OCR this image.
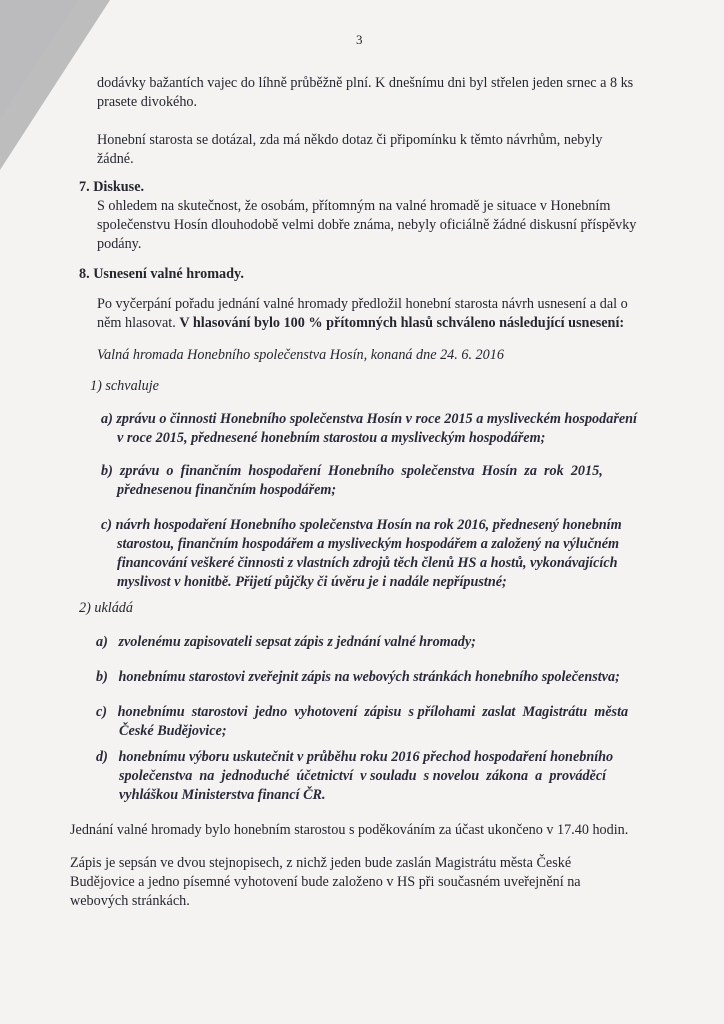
3
dodávky bažantích vajec do líhně průběžně plní. K dnešnímu dni byl střelen jeden srnec a 8 ks
prasete divokého.
Honební starosta se dotázal, zda má někdo dotaz či připomínku k těmto návrhům, nebyly
žádné.
7. Diskuse.
S ohledem na skutečnost, že osobám, přítomným na valné hromadě je situace v Honebním
společenstvu Hosín dlouhodobě velmi dobře známa, nebyly oficiálně žádné diskusní příspěvky
podány.
8. Usnesení valné hromady.
Po vyčerpání pořadu jednání valné hromady předložil honební starosta návrh usnesení a dal o
něm hlasovat. V hlasování bylo 100 % přítomných hlasů schváleno následující usnesení:
Valná hromada Honebního společenstva Hosín, konaná dne 24. 6. 2016
1) schvaluje
a) zprávu o činnosti Honebního společenstva Hosín v roce 2015 a mysliveckém hospodaření
v roce 2015, přednesené honebním starostou a mysliveckým hospodářem;
b)  zprávu  o  finančním  hospodaření  Honebního  společenstva  Hosín  za  rok  2015,
přednesenou finančním hospodářem;
c) návrh hospodaření Honebního společenstva Hosín na rok 2016, přednesený honebním
starostou, finančním hospodářem a mysliveckým hospodářem a založený na výlučném
financování veškeré činnosti z vlastních zdrojů těch členů HS a hostů, vykonávajících
myslivost v honitbě. Přijetí půjčky či úvěru je i nadále nepřípustné;
2) ukládá
a)   zvolenému zapisovateli sepsat zápis z jednání valné hromady;
b)   honebnímu starostovi zveřejnit zápis na webových stránkách honebního společenstva;
c)   honebnímu  starostovi  jedno  vyhotovení  zápisu  s přílohami  zaslat  Magistrátu  města
České Budějovice;
d)   honebnímu výboru uskutečnit v průběhu roku 2016 přechod hospodaření honebního
společenstva  na  jednoduché  účetnictví  v souladu  s novelou  zákona  a  prováděcí
vyhláškou Ministerstva financí ČR.
Jednání valné hromady bylo honebním starostou s poděkováním za účast ukončeno v 17.40 hodin.
Zápis je sepsán ve dvou stejnopisech, z nichž jeden bude zaslán Magistrátu města České
Budějovice a jedno písemné vyhotovení bude založeno v HS při současném uveřejnění na
webových stránkách.
